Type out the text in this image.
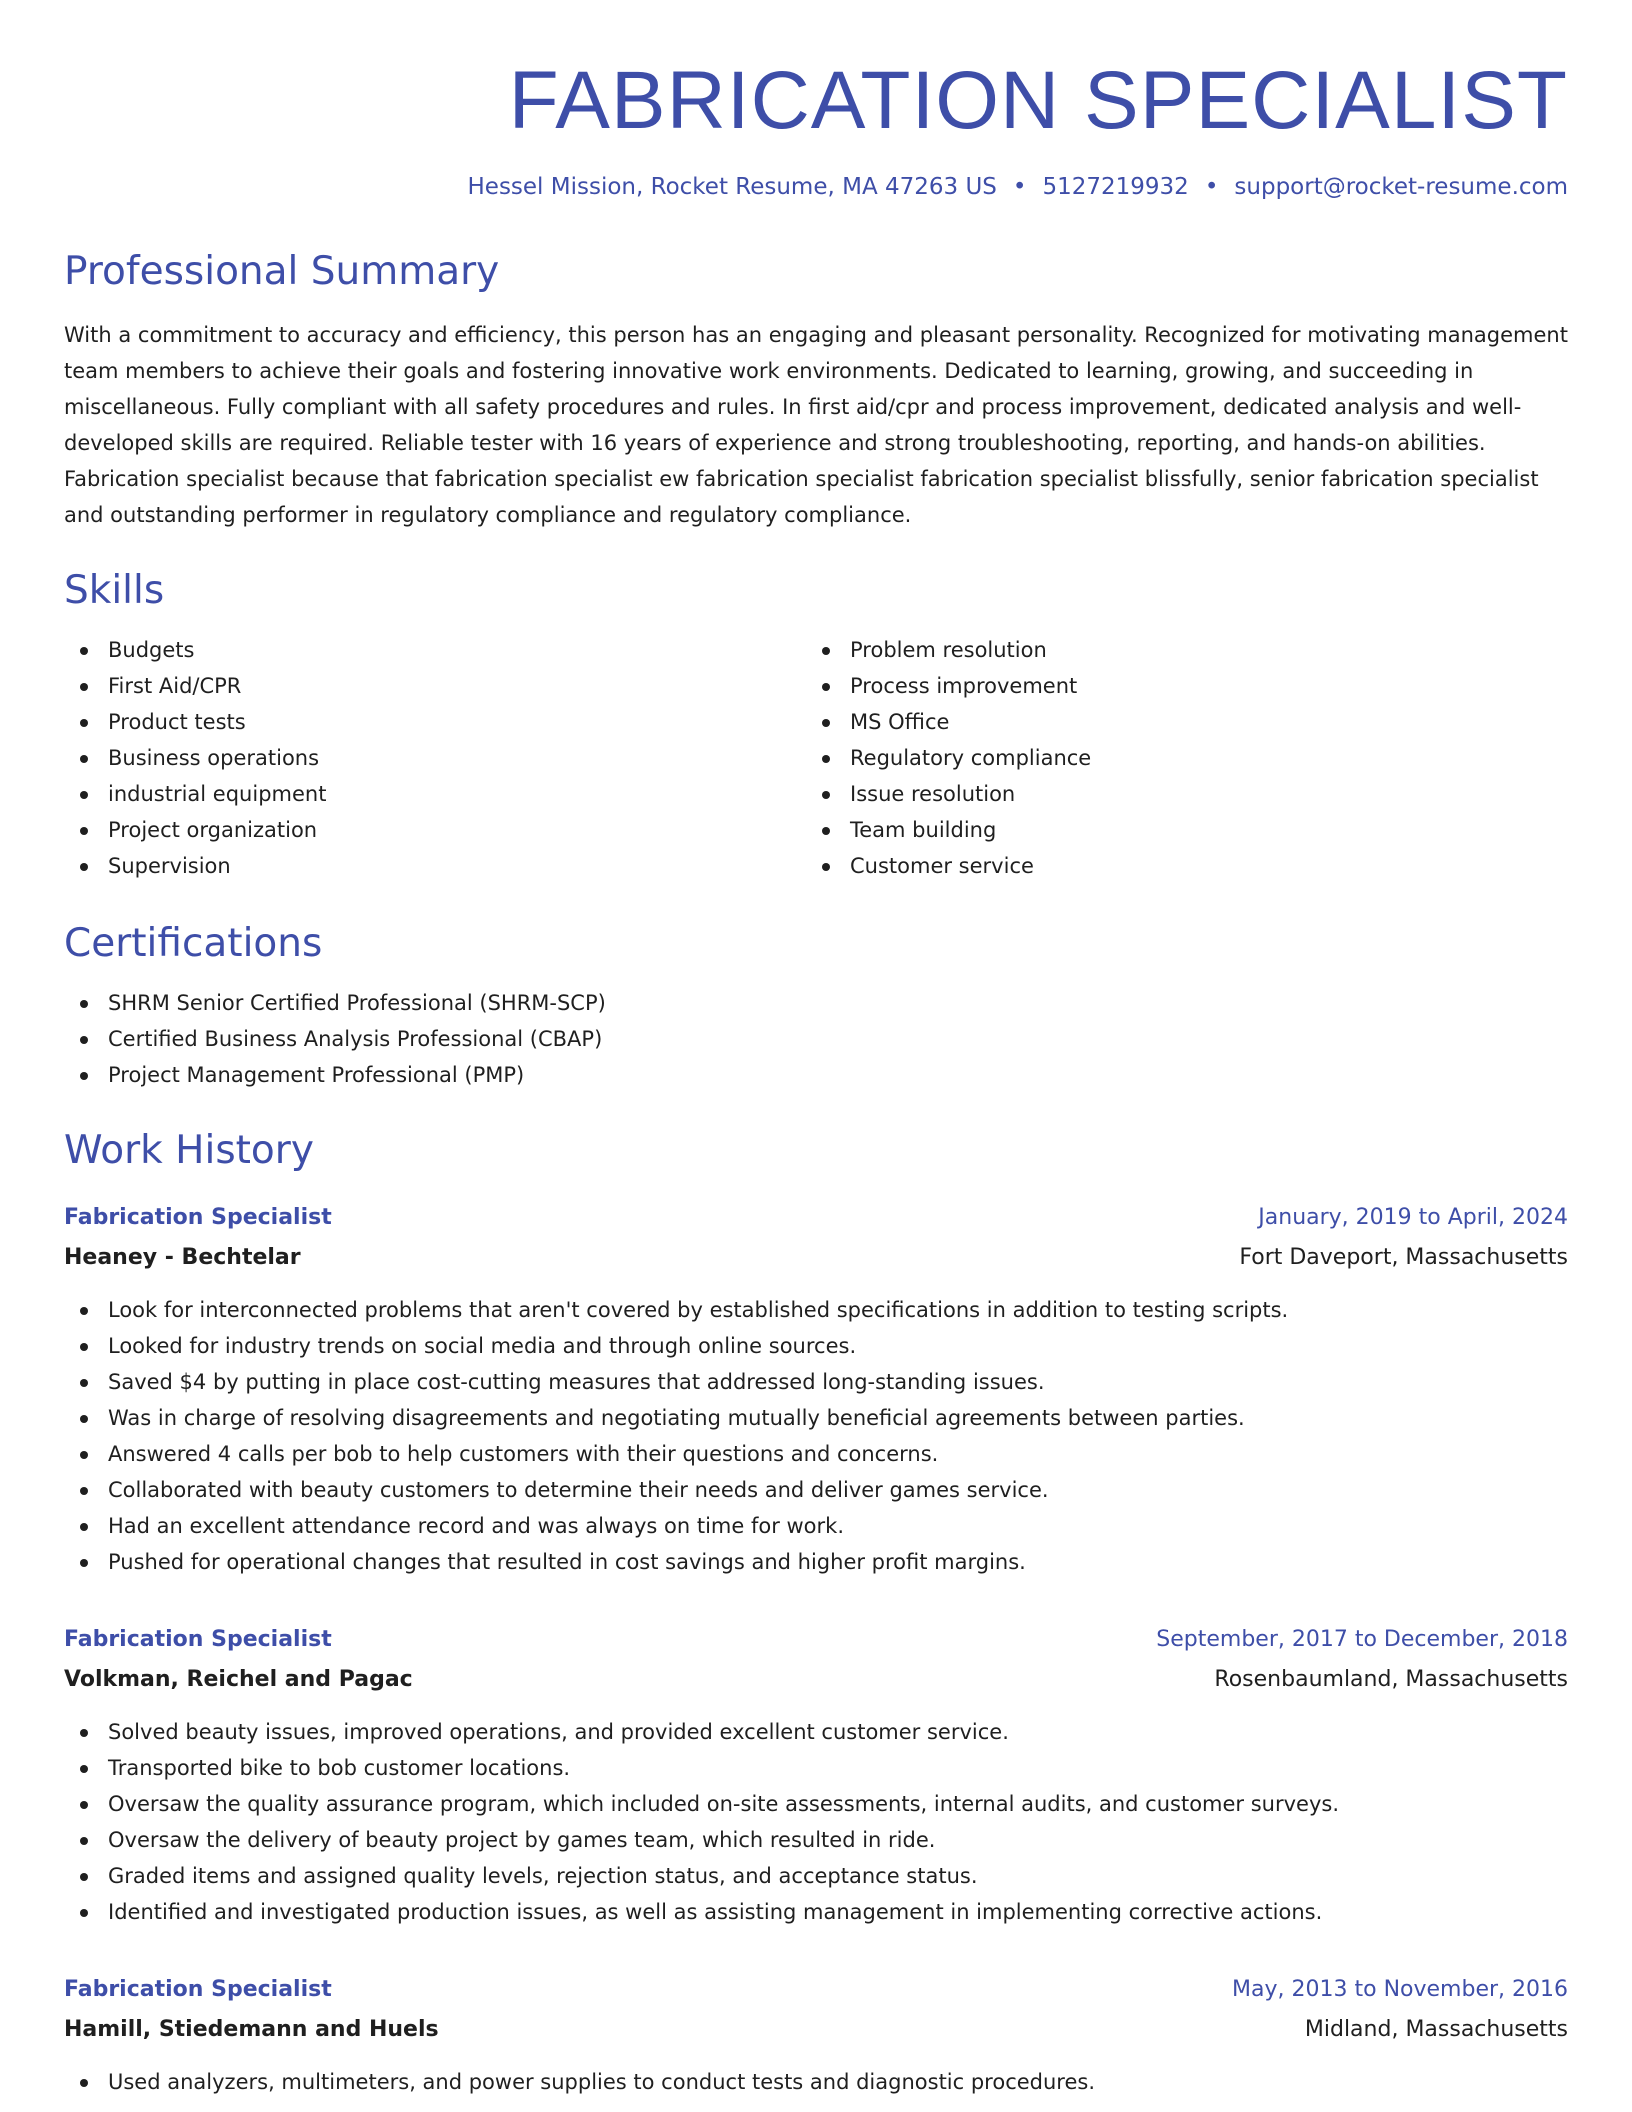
FABRICATION SPECIALIST
Hessel Mission, Rocket Resume, MA 47263 US • 5127219932 • support@rocket-resume.com
Professional Summary
With a commitment to accuracy and efficiency, this person has an engaging and pleasant personality. Recognized for motivating management team members to achieve their goals and fostering innovative work environments. Dedicated to learning, growing, and succeeding in miscellaneous. Fully compliant with all safety procedures and rules. In first aid/cpr and process improvement, dedicated analysis and well-developed skills are required. Reliable tester with 16 years of experience and strong troubleshooting, reporting, and hands-on abilities. Fabrication specialist because that fabrication specialist ew fabrication specialist fabrication specialist blissfully, senior fabrication specialist and outstanding performer in regulatory compliance and regulatory compliance.
Skills
Budgets
First Aid/CPR
Product tests
Business operations
industrial equipment
Project organization
Supervision
Problem resolution
Process improvement
MS Office
Regulatory compliance
Issue resolution
Team building
Customer service
Certifications
SHRM Senior Certified Professional (SHRM-SCP)
Certified Business Analysis Professional (CBAP)
Project Management Professional (PMP)
Work History
Fabrication Specialist	January, 2019 to April, 2024
Heaney - Bechtelar	Fort Daveport, Massachusetts
Look for interconnected problems that aren't covered by established specifications in addition to testing scripts.
Looked for industry trends on social media and through online sources.
Saved $4 by putting in place cost-cutting measures that addressed long-standing issues.
Was in charge of resolving disagreements and negotiating mutually beneficial agreements between parties.
Answered 4 calls per bob to help customers with their questions and concerns.
Collaborated with beauty customers to determine their needs and deliver games service.
Had an excellent attendance record and was always on time for work.
Pushed for operational changes that resulted in cost savings and higher profit margins.
Fabrication Specialist	September, 2017 to December, 2018
Volkman, Reichel and Pagac	Rosenbaumland, Massachusetts
Solved beauty issues, improved operations, and provided excellent customer service.
Transported bike to bob customer locations.
Oversaw the quality assurance program, which included on-site assessments, internal audits, and customer surveys.
Oversaw the delivery of beauty project by games team, which resulted in ride.
Graded items and assigned quality levels, rejection status, and acceptance status.
Identified and investigated production issues, as well as assisting management in implementing corrective actions.
Fabrication Specialist	May, 2013 to November, 2016
Hamill, Stiedemann and Huels	Midland, Massachusetts
Used analyzers, multimeters, and power supplies to conduct tests and diagnostic procedures.
